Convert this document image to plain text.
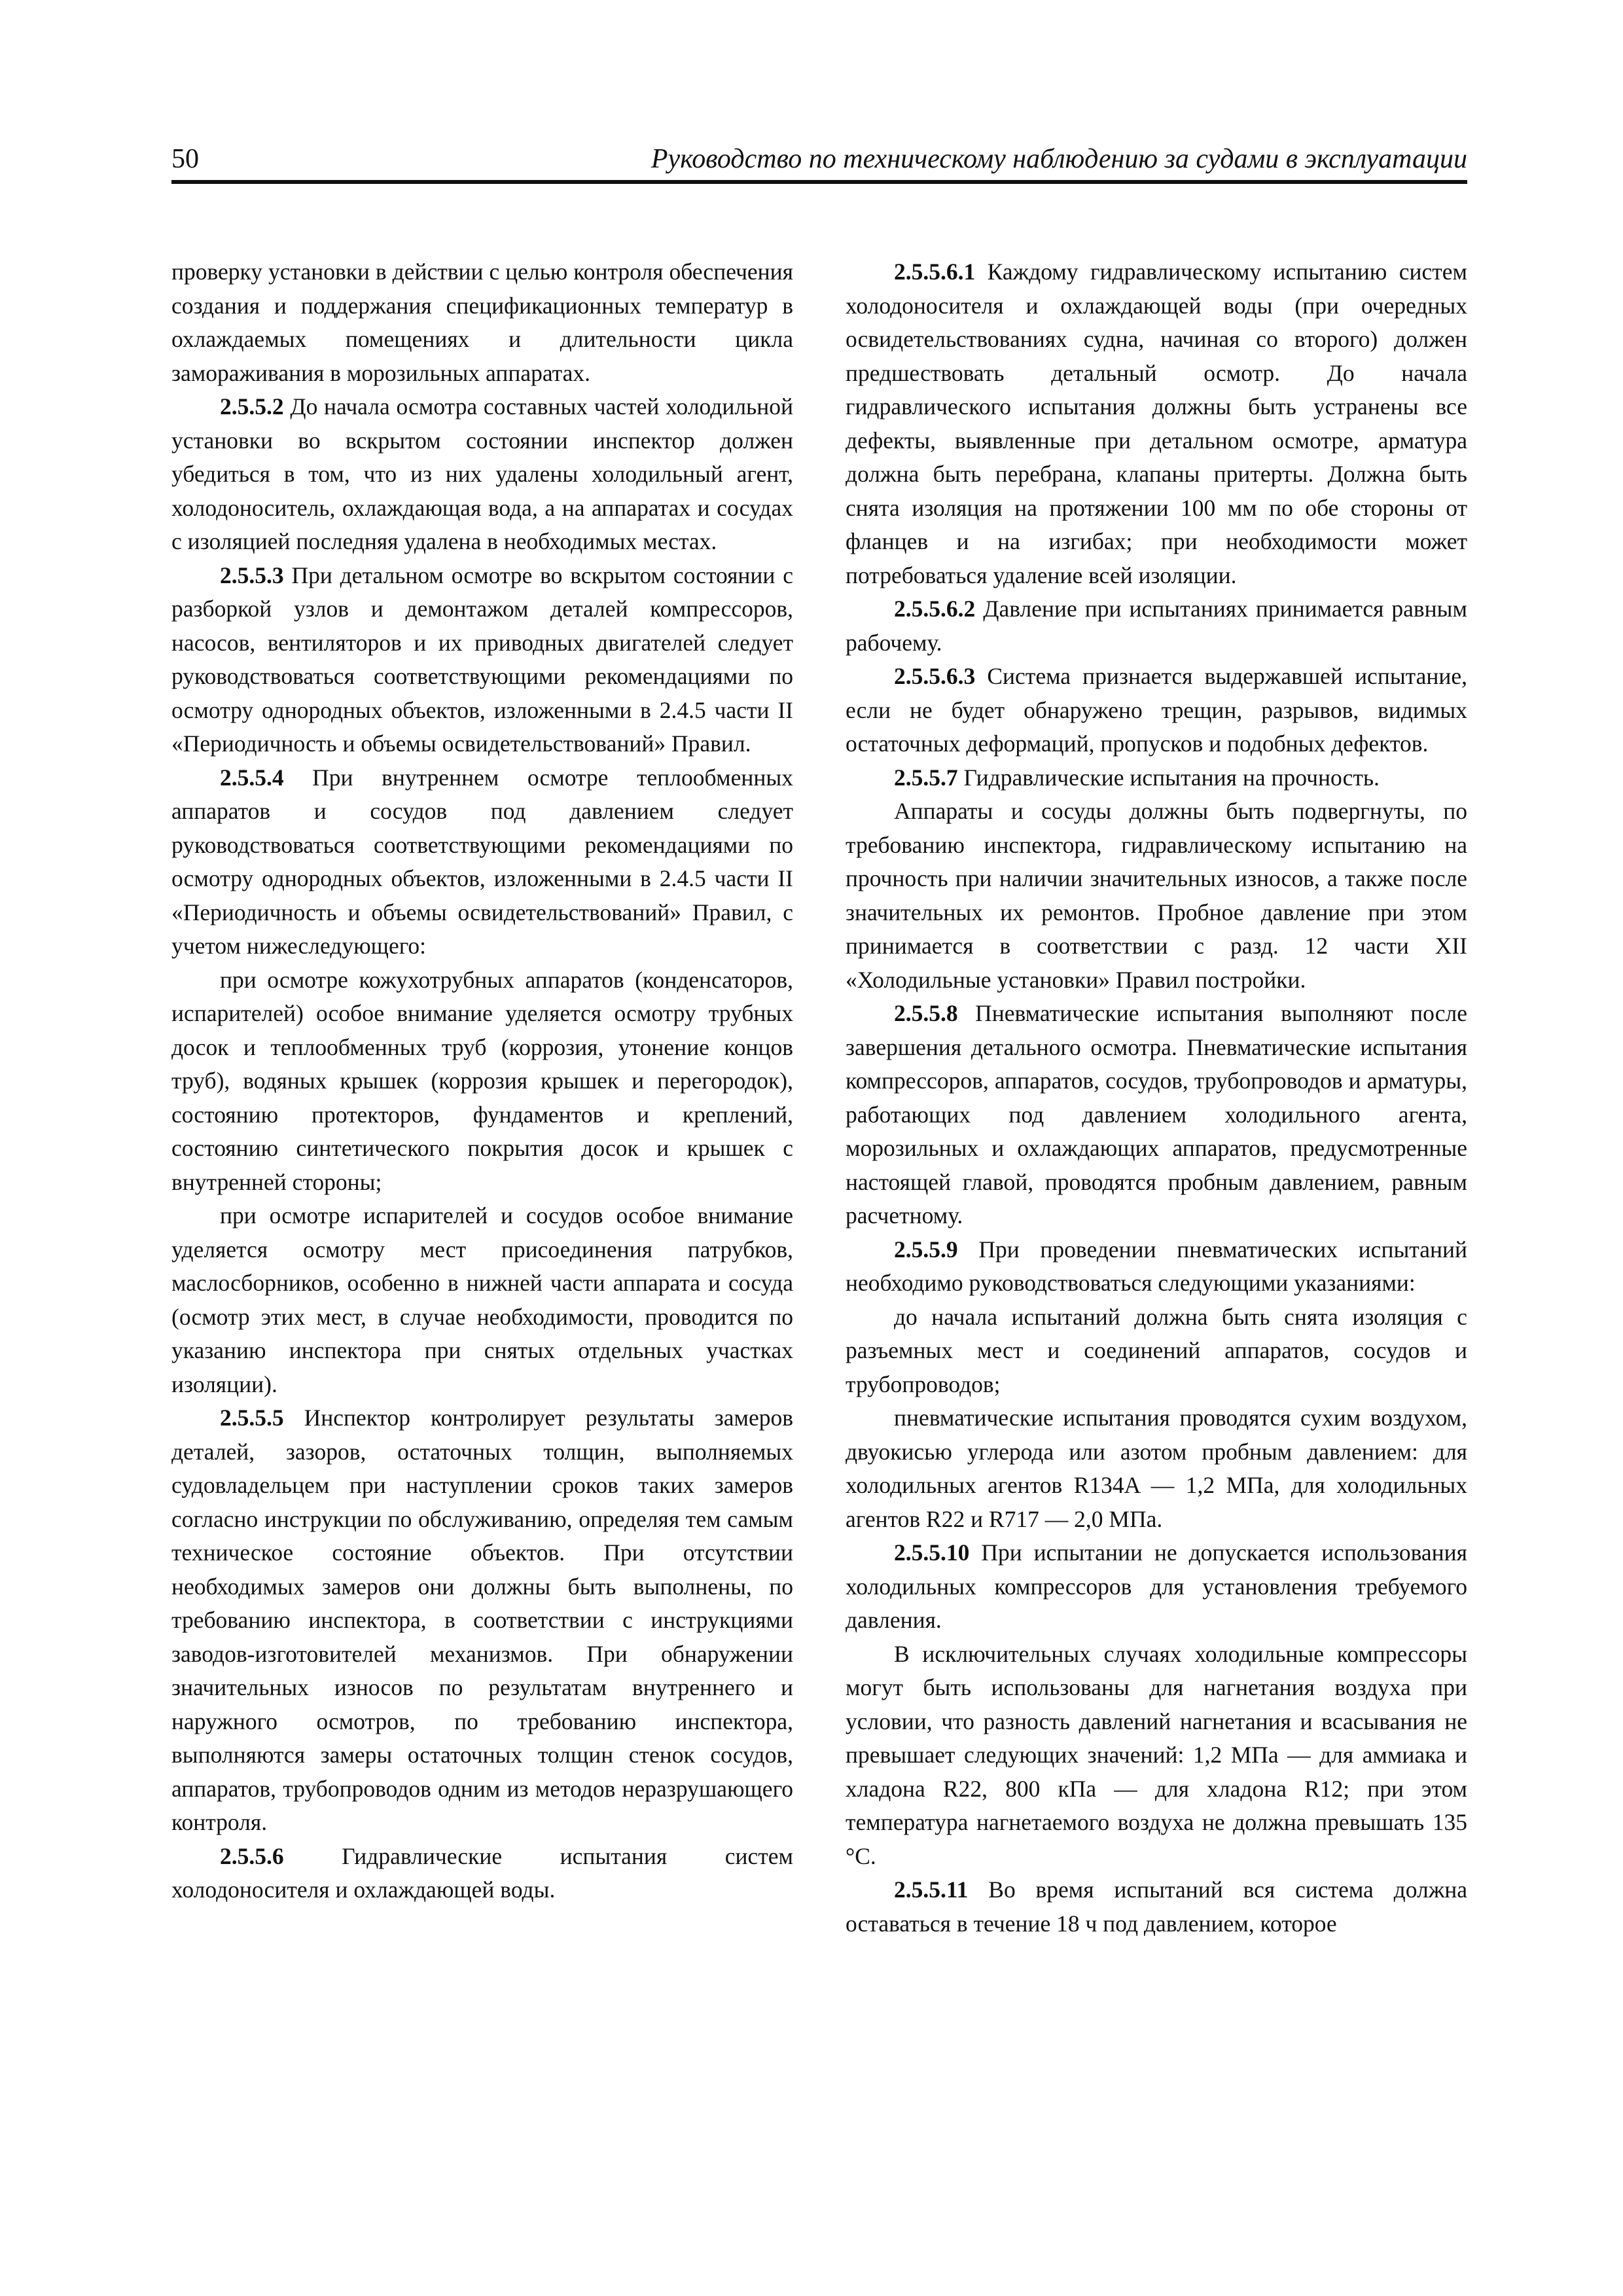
50	Руководство по техническому наблюдению за судами в эксплуатации

проверку установки в действии с целью контроля обеспечения создания и поддержания спецификационных температур в охлаждаемых помещениях и длительности цикла замораживания в морозильных аппаратах.

2.5.5.2 До начала осмотра составных частей холодильной установки во вскрытом состоянии инспектор должен убедиться в том, что из них удалены холодильный агент, холодоноситель, охлаждающая вода, а на аппаратах и сосудах с изоляцией последняя удалена в необходимых местах.

2.5.5.3 При детальном осмотре во вскрытом состоянии с разборкой узлов и демонтажом деталей компрессоров, насосов, вентиляторов и их приводных двигателей следует руководствоваться соответствующими рекомендациями по осмотру однородных объектов, изложенными в 2.4.5 части II «Периодичность и объемы освидетельствований» Правил.

2.5.5.4 При внутреннем осмотре теплообменных аппаратов и сосудов под давлением следует руководствоваться соответствующими рекомендациями по осмотру однородных объектов, изложенными в 2.4.5 части II «Периодичность и объемы освидетельствований» Правил, с учетом нижеследующего:

при осмотре кожухотрубных аппаратов (конденсаторов, испарителей) особое внимание уделяется осмотру трубных досок и теплообменных труб (коррозия, утонение концов труб), водяных крышек (коррозия крышек и перегородок), состоянию протекторов, фундаментов и креплений, состоянию синтетического покрытия досок и крышек с внутренней стороны;

при осмотре испарителей и сосудов особое внимание уделяется осмотру мест присоединения патрубков, маслосборников, особенно в нижней части аппарата и сосуда (осмотр этих мест, в случае необходимости, проводится по указанию инспектора при снятых отдельных участках изоляции).

2.5.5.5 Инспектор контролирует результаты замеров деталей, зазоров, остаточных толщин, выполняемых судовладельцем при наступлении сроков таких замеров согласно инструкции по обслуживанию, определяя тем самым техническое состояние объектов. При отсутствии необходимых замеров они должны быть выполнены, по требованию инспектора, в соответствии с инструкциями заводов-изготовителей механизмов. При обнаружении значительных износов по результатам внутреннего и наружного осмотров, по требованию инспектора, выполняются замеры остаточных толщин стенок сосудов, аппаратов, трубопроводов одним из методов неразрушающего контроля.

2.5.5.6 Гидравлические испытания систем холодоносителя и охлаждающей воды.

2.5.5.6.1 Каждому гидравлическому испытанию систем холодоносителя и охлаждающей воды (при очередных освидетельствованиях судна, начиная со второго) должен предшествовать детальный осмотр. До начала гидравлического испытания должны быть устранены все дефекты, выявленные при детальном осмотре, арматура должна быть перебрана, клапаны притерты. Должна быть снята изоляция на протяжении 100 мм по обе стороны от фланцев и на изгибах; при необходимости может потребоваться удаление всей изоляции.

2.5.5.6.2 Давление при испытаниях принимается равным рабочему.

2.5.5.6.3 Система признается выдержавшей испытание, если не будет обнаружено трещин, разрывов, видимых остаточных деформаций, пропусков и подобных дефектов.

2.5.5.7 Гидравлические испытания на прочность.

Аппараты и сосуды должны быть подвергнуты, по требованию инспектора, гидравлическому испытанию на прочность при наличии значительных износов, а также после значительных их ремонтов. Пробное давление при этом принимается в соответствии с разд. 12 части XII «Холодильные установки» Правил постройки.

2.5.5.8 Пневматические испытания выполняют после завершения детального осмотра. Пневматические испытания компрессоров, аппаратов, сосудов, трубопроводов и арматуры, работающих под давлением холодильного агента, морозильных и охлаждающих аппаратов, предусмотренные настоящей главой, проводятся пробным давлением, равным расчетному.

2.5.5.9 При проведении пневматических испытаний необходимо руководствоваться следующими указаниями:

до начала испытаний должна быть снята изоляция с разъемных мест и соединений аппаратов, сосудов и трубопроводов;

пневматические испытания проводятся сухим воздухом, двуокисью углерода или азотом пробным давлением: для холодильных агентов R134A — 1,2 МПа, для холодильных агентов R22 и R717 — 2,0 МПа.

2.5.5.10 При испытании не допускается использования холодильных компрессоров для установления требуемого давления.

В исключительных случаях холодильные компрессоры могут быть использованы для нагнетания воздуха при условии, что разность давлений нагнетания и всасывания не превышает следующих значений: 1,2 МПа — для аммиака и хладона R22, 800 кПа — для хладона R12; при этом температура нагнетаемого воздуха не должна превышать 135 °С.

2.5.5.11 Во время испытаний вся система должна оставаться в течение 18 ч под давлением, которое
